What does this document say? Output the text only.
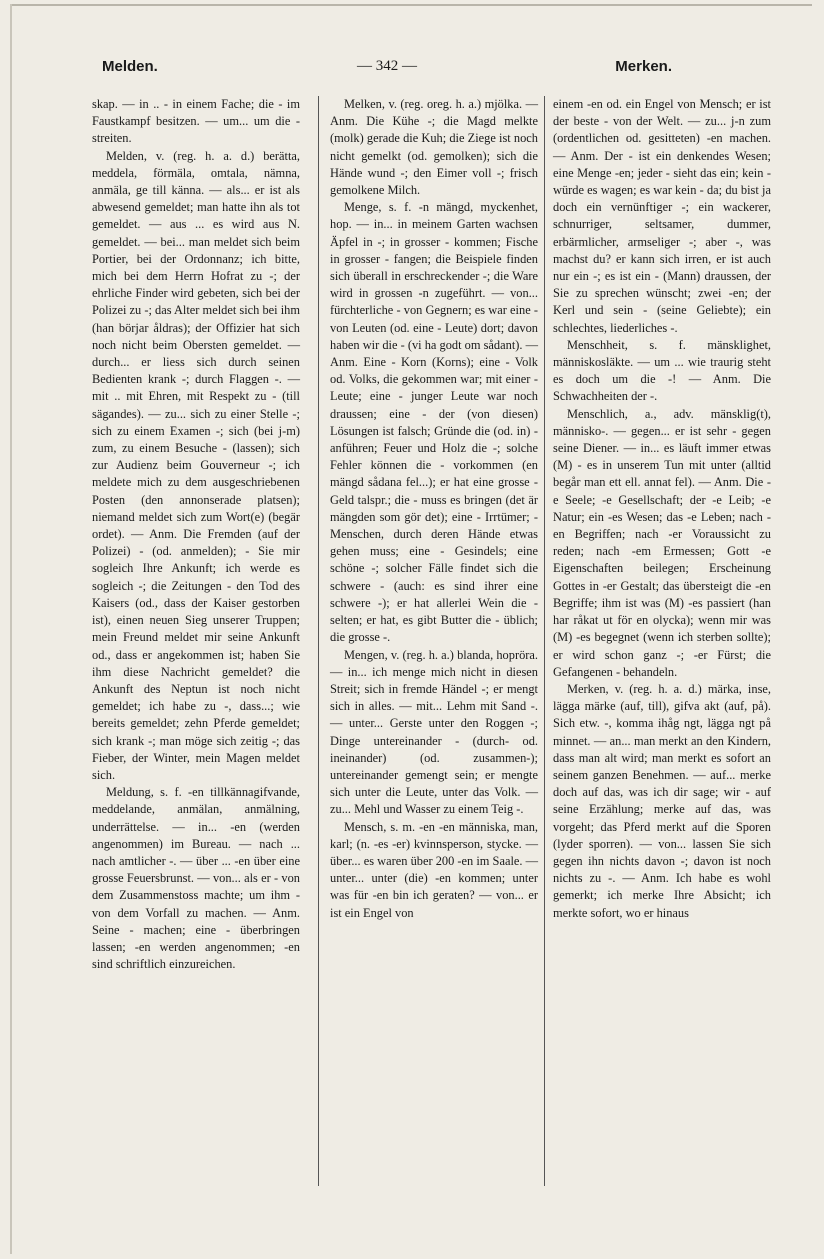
Melden.	— 342 —	Merken.

skap. — in .. - in einem Fache; die - im Faustkampf besitzen. — um... um die - streiten.

Melden, v. (reg. h. a. d.) berätta, meddela, förmäla, omtala, nämna, anmäla, ge till känna. — als... er ist als abwesend gemeldet; man hatte ihn als tot gemeldet. — aus ... es wird aus N. gemeldet. — bei... man meldet sich beim Portier, bei der Ordonnanz; ich bitte, mich bei dem Herrn Hofrat zu -; der ehrliche Finder wird gebeten, sich bei der Polizei zu -; das Alter meldet sich bei ihm (han börjar åldras); der Offizier hat sich noch nicht beim Obersten gemeldet. — durch... er liess sich durch seinen Bedienten krank -; durch Flaggen -. — mit .. mit Ehren, mit Respekt zu - (till sägandes). — zu... sich zu einer Stelle -; sich zu einem Examen -; sich (bei j-m) zum, zu einem Besuche - (lassen); sich zur Audienz beim Gouverneur -; ich meldete mich zu dem ausgeschriebenen Posten (den annonserade platsen); niemand meldet sich zum Wort(e) (begär ordet). — Anm. Die Fremden (auf der Polizei) - (od. anmelden); - Sie mir sogleich Ihre Ankunft; ich werde es sogleich -; die Zeitungen - den Tod des Kaisers (od., dass der Kaiser gestorben ist), einen neuen Sieg unserer Truppen; mein Freund meldet mir seine Ankunft od., dass er angekommen ist; haben Sie ihm diese Nachricht gemeldet? die Ankunft des Neptun ist noch nicht gemeldet; ich habe zu -, dass...; wie bereits gemeldet; zehn Pferde gemeldet; sich krank -; man möge sich zeitig -; das Fieber, der Winter, mein Magen meldet sich.

Meldung, s. f. -en tillkännagifvande, meddelande, anmälan, anmälning, underrättelse. — in... -en (werden angenommen) im Bureau. — nach ... nach amtlicher -. — über ... -en über eine grosse Feuersbrunst. — von... als er - von dem Zusammenstoss machte; um ihm - von dem Vorfall zu machen. — Anm. Seine - machen; eine - überbringen lassen; -en werden angenommen; -en sind schriftlich einzureichen.

Melken, v. (reg. oreg. h. a.) mjölka. — Anm. Die Kühe -; die Magd melkte (molk) gerade die Kuh; die Ziege ist noch nicht gemelkt (od. gemolken); sich die Hände wund -; den Eimer voll -; frisch gemolkene Milch.

Menge, s. f. -n mängd, myckenhet, hop. — in... in meinem Garten wachsen Äpfel in -; in grosser - kommen; Fische in grosser - fangen; die Beispiele finden sich überall in erschreckender -; die Ware wird in grossen -n zugeführt. — von... fürchterliche - von Gegnern; es war eine - von Leuten (od. eine - Leute) dort; davon haben wir die - (vi ha godt om sådant). — Anm. Eine - Korn (Korns); eine - Volk od. Volks, die gekommen war; mit einer - Leute; eine - junger Leute war noch draussen; eine - der (von diesen) Lösungen ist falsch; Gründe die (od. in) - anführen; Feuer und Holz die -; solche Fehler können die - vorkommen (en mängd sådana fel...); er hat eine grosse - Geld talspr.; die - muss es bringen (det är mängden som gör det); eine - Irrtümer; - Menschen, durch deren Hände etwas gehen muss; eine - Gesindels; eine schöne -; solcher Fälle findet sich die schwere - (auch: es sind ihrer eine schwere -); er hat allerlei Wein die - selten; er hat, es gibt Butter die - üblich; die grosse -.

Mengen, v. (reg. h. a.) blanda, hopröra. — in... ich menge mich nicht in diesen Streit; sich in fremde Händel -; er mengt sich in alles. — mit... Lehm mit Sand -. — unter... Gerste unter den Roggen -; Dinge untereinander - (durch- od. ineinander) (od. zusammen-); untereinander gemengt sein; er mengte sich unter die Leute, unter das Volk. — zu... Mehl und Wasser zu einem Teig -.

Mensch, s. m. -en -en människa, man, karl; (n. -es -er) kvinnsperson, stycke. — über... es waren über 200 -en im Saale. — unter... unter (die) -en kommen; unter was für -en bin ich geraten? — von... er ist ein Engel von

einem -en od. ein Engel von Mensch; er ist der beste - von der Welt. — zu... j-n zum (ordentlichen od. gesitteten) -en machen. — Anm. Der - ist ein denkendes Wesen; eine Menge -en; jeder - sieht das ein; kein - würde es wagen; es war kein - da; du bist ja doch ein vernünftiger -; ein wackerer, schnurriger, seltsamer, dummer, erbärmlicher, armseliger -; aber -, was machst du? er kann sich irren, er ist auch nur ein -; es ist ein - (Mann) draussen, der Sie zu sprechen wünscht; zwei -en; der Kerl und sein - (seine Geliebte); ein schlechtes, liederliches -.

Menschheit, s. f. mänsklighet, människosläkte. — um ... wie traurig steht es doch um die -! — Anm. Die Schwachheiten der -.

Menschlich, a., adv. mänsklig(t), människo-. — gegen... er ist sehr - gegen seine Diener. — in... es läuft immer etwas (M) - es in unserem Tun mit unter (alltid begår man ett ell. annat fel). — Anm. Die -e Seele; -e Gesellschaft; der -e Leib; -e Natur; ein -es Wesen; das -e Leben; nach -en Begriffen; nach -er Voraussicht zu reden; nach -em Ermessen; Gott -e Eigenschaften beilegen; Erscheinung Gottes in -er Gestalt; das übersteigt die -en Begriffe; ihm ist was (M) -es passiert (han har råkat ut för en olycka); wenn mir was (M) -es begegnet (wenn ich sterben sollte); er wird schon ganz -; -er Fürst; die Gefangenen - behandeln.

Merken, v. (reg. h. a. d.) märka, inse, lägga märke (auf, till), gifva akt (auf, på). Sich etw. -, komma ihåg ngt, lägga ngt på minnet. — an... man merkt an den Kindern, dass man alt wird; man merkt es sofort an seinem ganzen Benehmen. — auf... merke doch auf das, was ich dir sage; wir - auf seine Erzählung; merke auf das, was vorgeht; das Pferd merkt auf die Sporen (lyder sporren). — von... lassen Sie sich gegen ihn nichts davon -; davon ist noch nichts zu -. — Anm. Ich habe es wohl gemerkt; ich merke Ihre Absicht; ich merkte sofort, wo er hinaus
